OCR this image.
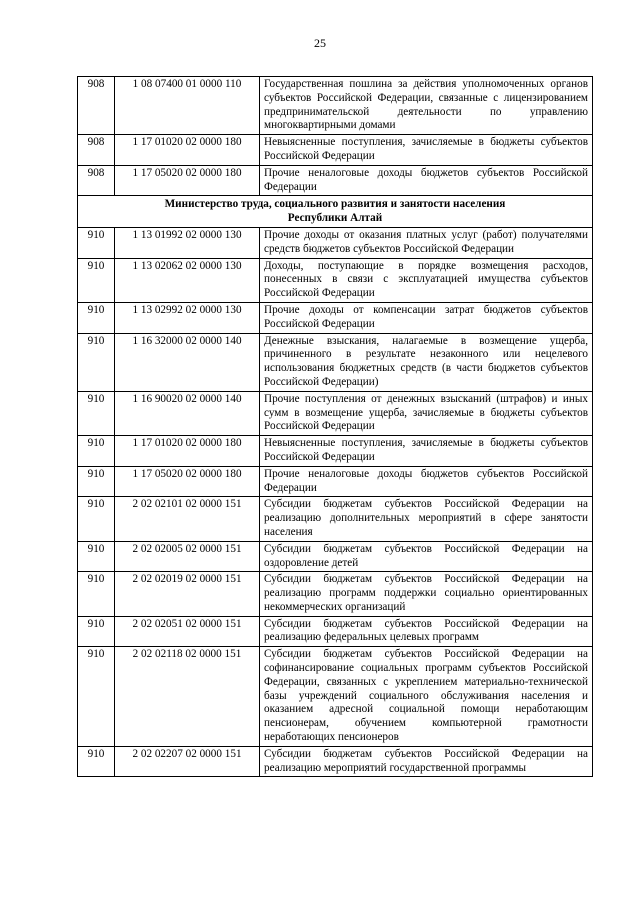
25
908	1 08 07400 01 0000 110	Государственная пошлина за действия уполномоченных органов субъектов Российской Федерации, связанные с лицензированием предпринимательской деятельности по управлению многоквартирными домами
908	1 17 01020 02 0000 180	Невыясненные поступления, зачисляемые в бюджеты субъектов Российской Федерации
908	1 17 05020 02 0000 180	Прочие неналоговые доходы бюджетов субъектов Российской Федерации
Министерство труда, социального развития и занятости населения
Республики Алтай		
910	1 13 01992 02 0000 130	Прочие доходы от оказания платных услуг (работ) получателями средств бюджетов субъектов Российской Федерации
910	1 13 02062 02 0000 130	Доходы, поступающие в порядке возмещения расходов, понесенных в связи с эксплуатацией имущества субъектов Российской Федерации
910	1 13 02992 02 0000 130	Прочие доходы от компенсации затрат бюджетов субъектов Российской Федерации
910	1 16 32000 02 0000 140	Денежные взыскания, налагаемые в возмещение ущерба, причиненного в результате незаконного или нецелевого использования бюджетных средств (в части бюджетов субъектов Российской Федерации)
910	1 16 90020 02 0000 140	Прочие поступления от денежных взысканий (штрафов) и иных сумм в возмещение ущерба, зачисляемые в бюджеты субъектов Российской Федерации
910	1 17 01020 02 0000 180	Невыясненные поступления, зачисляемые в бюджеты субъектов Российской Федерации
910	1 17 05020 02 0000 180	Прочие неналоговые доходы бюджетов субъектов Российской Федерации
910	2 02 02101 02 0000 151	Субсидии бюджетам субъектов Российской Федерации на реализацию дополнительных мероприятий в сфере занятости населения
910	2 02 02005 02 0000 151	Субсидии бюджетам субъектов Российской Федерации на оздоровление детей
910	2 02 02019 02 0000 151	Субсидии бюджетам субъектов Российской Федерации на реализацию программ поддержки социально ориентированных некоммерческих организаций
910	2 02 02051 02 0000 151	Субсидии бюджетам субъектов Российской Федерации на реализацию федеральных целевых программ
910	2 02 02118 02 0000 151	Субсидии бюджетам субъектов Российской Федерации на софинансирование социальных программ субъектов Российской Федерации, связанных с укреплением материально-технической базы учреждений социального обслуживания населения и оказанием адресной социальной помощи неработающим пенсионерам, обучением компьютерной грамотности неработающих пенсионеров
910	2 02 02207 02 0000 151	Субсидии бюджетам субъектов Российской Федерации на реализацию мероприятий государственной программы
